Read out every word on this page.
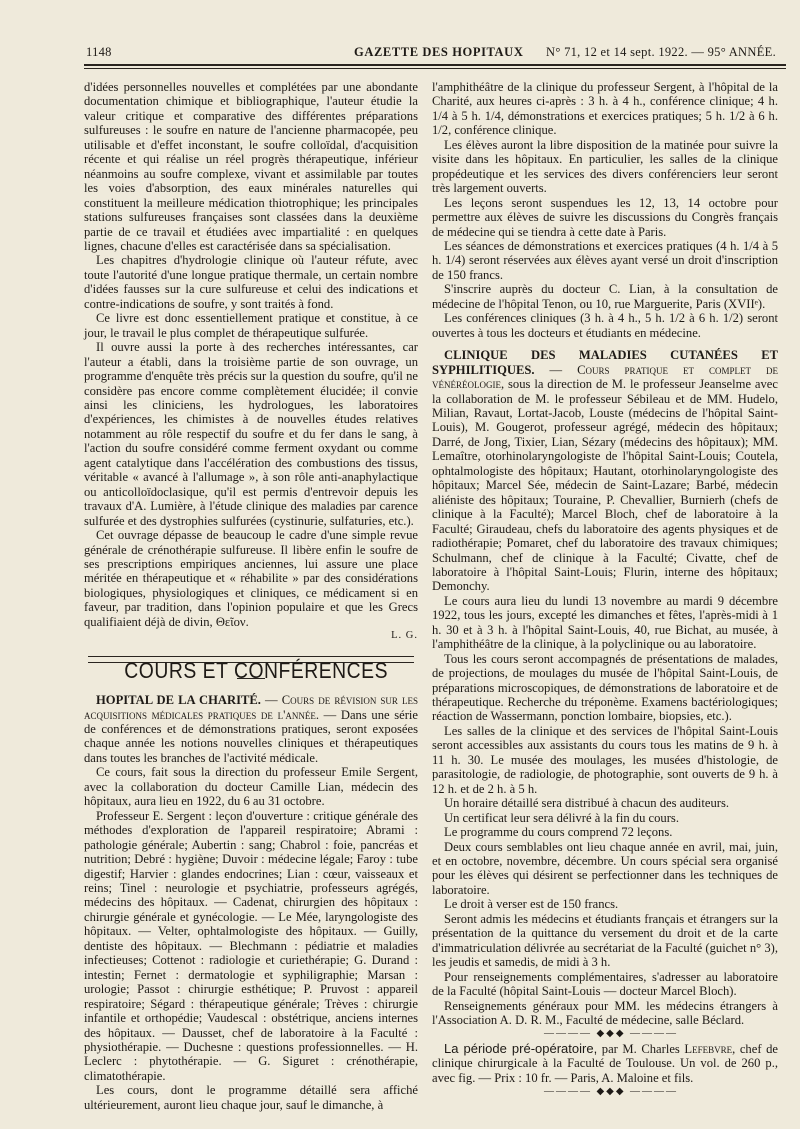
1148	GAZETTE DES HOPITAUX N° 71, 12 et 14 sept. 1922. — 95° ANNÉE.

d'idées personnelles nouvelles et complétées par une abondante documentation chimique et bibliographique, l'auteur étudie la valeur critique et comparative des différentes préparations sulfureuses : le soufre en nature de l'ancienne pharmacopée, peu utilisable et d'effet inconstant, le soufre colloïdal, d'acquisition récente et qui réalise un réel progrès thérapeutique, inférieur néanmoins au soufre complexe, vivant et assimilable par toutes les voies d'absorption, des eaux minérales naturelles qui constituent la meilleure médication thiotrophique; les principales stations sulfureuses françaises sont classées dans la deuxième partie de ce travail et étudiées avec impartialité : en quelques lignes, chacune d'elles est caractérisée dans sa spécialisation.

Les chapitres d'hydrologie clinique où l'auteur réfute, avec toute l'autorité d'une longue pratique thermale, un certain nombre d'idées fausses sur la cure sulfureuse et celui des indications et contre-indications de soufre, y sont traités à fond.

Ce livre est donc essentiellement pratique et constitue, à ce jour, le travail le plus complet de thérapeutique sulfurée.

Il ouvre aussi la porte à des recherches intéressantes, car l'auteur a établi, dans la troisième partie de son ouvrage, un programme d'enquête très précis sur la question du soufre, qu'il ne considère pas encore comme complètement élucidée; il convie ainsi les cliniciens, les hydrologues, les laboratoires d'expériences, les chimistes à de nouvelles études relatives notamment au rôle respectif du soufre et du fer dans le sang, à l'action du soufre considéré comme ferment oxydant ou comme agent catalytique dans l'accélération des combustions des tissus, véritable « avancé à l'allumage », à son rôle anti-anaphylactique ou anticolloïdoclasique, qu'il est permis d'entrevoir depuis les travaux d'A. Lumière, à l'étude clinique des maladies par carence sulfurée et des dystrophies sulfurées (cystinurie, sulfaturies, etc.).

Cet ouvrage dépasse de beaucoup le cadre d'une simple revue générale de crénothérapie sulfureuse. Il libère enfin le soufre de ses prescriptions empiriques anciennes, lui assure une place méritée en thérapeutique et « réhabilite » par des considérations biologiques, physiologiques et cliniques, ce médicament si en faveur, par tradition, dans l'opinion populaire et que les Grecs qualifiaient déjà de divin, Θεῖον.

L. G.

COURS ET CONFÉRENCES

HOPITAL DE LA CHARITÉ. — Cours de révision sur les acquisitions médicales pratiques de l'année. — Dans une série de conférences et de démonstrations pratiques, seront exposées chaque année les notions nouvelles cliniques et thérapeutiques dans toutes les branches de l'activité médicale.

Ce cours, fait sous la direction du professeur Emile Sergent, avec la collaboration du docteur Camille Lian, médecin des hôpitaux, aura lieu en 1922, du 6 au 31 octobre.

Professeur E. Sergent : leçon d'ouverture : critique générale des méthodes d'exploration de l'appareil respiratoire; Abrami : pathologie générale; Aubertin : sang; Chabrol : foie, pancréas et nutrition; Debré : hygiène; Duvoir : médecine légale; Faroy : tube digestif; Harvier : glandes endocrines; Lian : cœur, vaisseaux et reins; Tinel : neurologie et psychiatrie, professeurs agrégés, médecins des hôpitaux. — Cadenat, chirurgien des hôpitaux : chirurgie générale et gynécologie. — Le Mée, laryngologiste des hôpitaux. — Velter, ophtalmologiste des hôpitaux. — Guilly, dentiste des hôpitaux. — Blechmann : pédiatrie et maladies infectieuses; Cottenot : radiologie et curiethérapie; G. Durand : intestin; Fernet : dermatologie et syphiligraphie; Marsan : urologie; Passot : chirurgie esthétique; P. Pruvost : appareil respiratoire; Ségard : thérapeutique générale; Trèves : chirurgie infantile et orthopédie; Vaudescal : obstétrique, anciens internes des hôpitaux. — Dausset, chef de laboratoire à la Faculté : physiothérapie. — Duchesne : questions professionnelles. — H. Leclerc : phytothérapie. — G. Siguret : crénothérapie, climatothérapie.

Les cours, dont le programme détaillé sera affiché ultérieurement, auront lieu chaque jour, sauf le dimanche, à

l'amphithéâtre de la clinique du professeur Sergent, à l'hôpital de la Charité, aux heures ci-après : 3 h. à 4 h., conférence clinique; 4 h. 1/4 à 5 h. 1/4, démonstrations et exercices pratiques; 5 h. 1/2 à 6 h. 1/2, conférence clinique.

Les élèves auront la libre disposition de la matinée pour suivre la visite dans les hôpitaux. En particulier, les salles de la clinique propédeutique et les services des divers conférenciers leur seront très largement ouverts.

Les leçons seront suspendues les 12, 13, 14 octobre pour permettre aux élèves de suivre les discussions du Congrès français de médecine qui se tiendra à cette date à Paris.

Les séances de démonstrations et exercices pratiques (4 h. 1/4 à 5 h. 1/4) seront réservées aux élèves ayant versé un droit d'inscription de 150 francs.

S'inscrire auprès du docteur C. Lian, à la consultation de médecine de l'hôpital Tenon, ou 10, rue Marguerite, Paris (XVIIᵉ).

Les conférences cliniques (3 h. à 4 h., 5 h. 1/2 à 6 h. 1/2) seront ouvertes à tous les docteurs et étudiants en médecine.

CLINIQUE DES MALADIES CUTANÉES ET SYPHILITIQUES. — Cours pratique et complet de vénéréologie, sous la direction de M. le professeur Jeanselme avec la collaboration de M. le professeur Sébileau et de MM. Hudelo, Milian, Ravaut, Lortat-Jacob, Louste (médecins de l'hôpital Saint-Louis), M. Gougerot, professeur agrégé, médecin des hôpitaux; Darré, de Jong, Tixier, Lian, Sézary (médecins des hôpitaux); MM. Lemaître, otorhinolaryngologiste de l'hôpital Saint-Louis; Coutela, ophtalmologiste des hôpitaux; Hautant, otorhinolaryngologiste des hôpitaux; Marcel Sée, médecin de Saint-Lazare; Barbé, médecin aliéniste des hôpitaux; Touraine, P. Chevallier, Burnierh (chefs de clinique à la Faculté); Marcel Bloch, chef de laboratoire à la Faculté; Giraudeau, chefs du laboratoire des agents physiques et de radiothérapie; Pomaret, chef du laboratoire des travaux chimiques; Schulmann, chef de clinique à la Faculté; Civatte, chef de laboratoire à l'hôpital Saint-Louis; Flurin, interne des hôpitaux; Demonchy.

Le cours aura lieu du lundi 13 novembre au mardi 9 décembre 1922, tous les jours, excepté les dimanches et fêtes, l'après-midi à 1 h. 30 et à 3 h. à l'hôpital Saint-Louis, 40, rue Bichat, au musée, à l'amphithéâtre de la clinique, à la polyclinique ou au laboratoire.

Tous les cours seront accompagnés de présentations de malades, de projections, de moulages du musée de l'hôpital Saint-Louis, de préparations microscopiques, de démonstrations de laboratoire et de thérapeutique. Recherche du tréponème. Examens bactériologiques; réaction de Wassermann, ponction lombaire, biopsies, etc.).

Les salles de la clinique et des services de l'hôpital Saint-Louis seront accessibles aux assistants du cours tous les matins de 9 h. à 11 h. 30. Le musée des moulages, les musées d'histologie, de parasitologie, de radiologie, de photographie, sont ouverts de 9 h. à 12 h. et de 2 h. à 5 h.

Un horaire détaillé sera distribué à chacun des auditeurs.

Un certificat leur sera délivré à la fin du cours.

Le programme du cours comprend 72 leçons.

Deux cours semblables ont lieu chaque année en avril, mai, juin, et en octobre, novembre, décembre. Un cours spécial sera organisé pour les élèves qui désirent se perfectionner dans les techniques de laboratoire.

Le droit à verser est de 150 francs.

Seront admis les médecins et étudiants français et étrangers sur la présentation de la quittance du versement du droit et de la carte d'immatriculation délivrée au secrétariat de la Faculté (guichet n° 3), les jeudis et samedis, de midi à 3 h.

Pour renseignements complémentaires, s'adresser au laboratoire de la Faculté (hôpital Saint-Louis — docteur Marcel Bloch).

Renseignements généraux pour MM. les médecins étrangers à l'Association A. D. R. M., Faculté de médecine, salle Béclard.

———— ◆◆◆ ————

La période pré-opératoire, par M. Charles Lefebvre, chef de clinique chirurgicale à la Faculté de Toulouse. Un vol. de 260 p., avec fig. — Prix : 10 fr. — Paris, A. Maloine et fils.

———— ◆◆◆ ————
